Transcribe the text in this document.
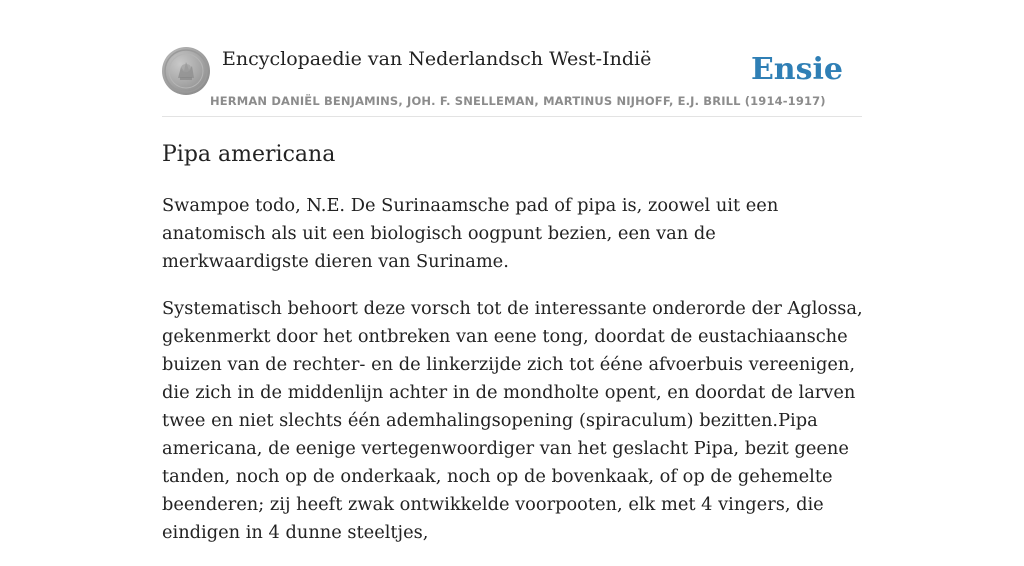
Encyclopaedie van Nederlandsch West-Indië	Ensie
HERMAN DANIËL BENJAMINS, JOH. F. SNELLEMAN, MARTINUS NIJHOFF, E.J. BRILL (1914-1917)
Pipa americana

Swampoe todo, N.E. De Surinaamsche pad of pipa is, zoowel uit een anatomisch als uit een biologisch oogpunt bezien, een van de merkwaardigste dieren van Suriname.

Systematisch behoort deze vorsch tot de interessante onderorde der Aglossa, gekenmerkt door het ontbreken van eene tong, doordat de eustachiaansche buizen van de rechter- en de linkerzijde zich tot ééne afvoerbuis vereenigen, die zich in de middenlijn achter in de mondholte opent, en doordat de larven twee en niet slechts één ademhalingsopening (spiraculum) bezitten.Pipa americana, de eenige vertegenwoordiger van het geslacht Pipa, bezit geene tanden, noch op de onderkaak, noch op de bovenkaak, of op de gehemelte beenderen; zij heeft zwak ontwikkelde voorpooten, elk met 4 vingers, die eindigen in 4 dunne steeltjes,
